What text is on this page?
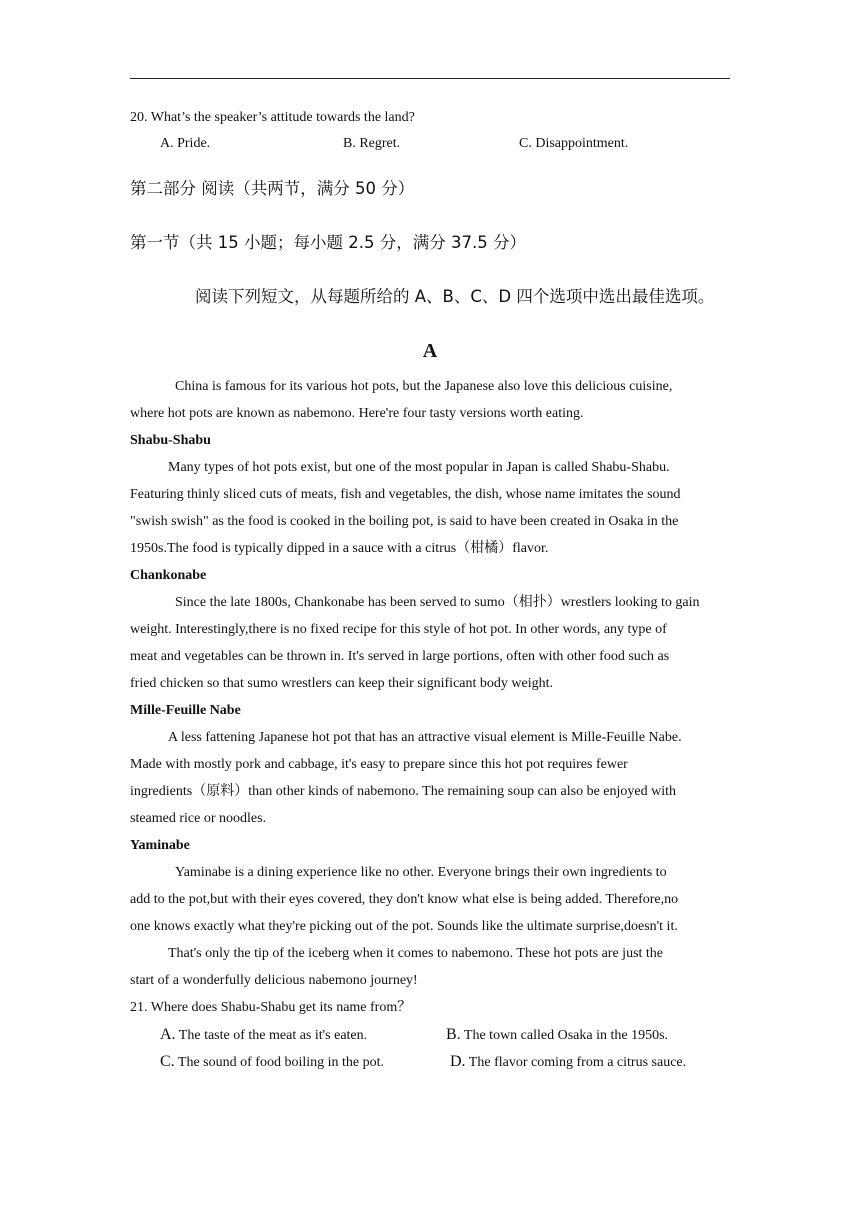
20. What’s the speaker’s attitude towards the land?
A. Pride.	B. Regret.	C. Disappointment.
第二部分 阅读（共两节，满分 50 分）
第一节（共 15 小题；每小题 2.5 分，满分 37.5 分）
阅读下列短文，从每题所给的 A、B、C、D 四个选项中选出最佳选项。
A
China is famous for its various hot pots, but the Japanese also love this delicious cuisine,
where hot pots are known as nabemono. Here're four tasty versions worth eating.
Shabu-Shabu
Many types of hot pots exist, but one of the most popular in Japan is called Shabu-Shabu.
Featuring thinly sliced cuts of meats, fish and vegetables, the dish, whose name imitates the sound
"swish swish" as the food is cooked in the boiling pot, is said to have been created in Osaka in the
1950s.The food is typically dipped in a sauce with a citrus（柑橘）flavor.
Chankonabe
Since the late 1800s, Chankonabe has been served to sumo（相扑）wrestlers looking to gain
weight. Interestingly,there is no fixed recipe for this style of hot pot. In other words, any type of
meat and vegetables can be thrown in. It's served in large portions, often with other food such as
fried chicken so that sumo wrestlers can keep their significant body weight.
Mille-Feuille Nabe
A less fattening Japanese hot pot that has an attractive visual element is Mille-Feuille Nabe.
Made with mostly pork and cabbage, it's easy to prepare since this hot pot requires fewer
ingredients（原料）than other kinds of nabemono. The remaining soup can also be enjoyed with
steamed rice or noodles.
Yaminabe
Yaminabe is a dining experience like no other. Everyone brings their own ingredients to
add to the pot,but with their eyes covered, they don't know what else is being added. Therefore,no
one knows exactly what they're picking out of the pot. Sounds like the ultimate surprise,doesn't it.
That's only the tip of the iceberg when it comes to nabemono. These hot pots are just the
start of a wonderfully delicious nabemono journey!
21. Where does Shabu-Shabu get its name from？
A. The taste of the meat as it's eaten.	B. The town called Osaka in the 1950s.
C. The sound of food boiling in the pot.	D. The flavor coming from a citrus sauce.
